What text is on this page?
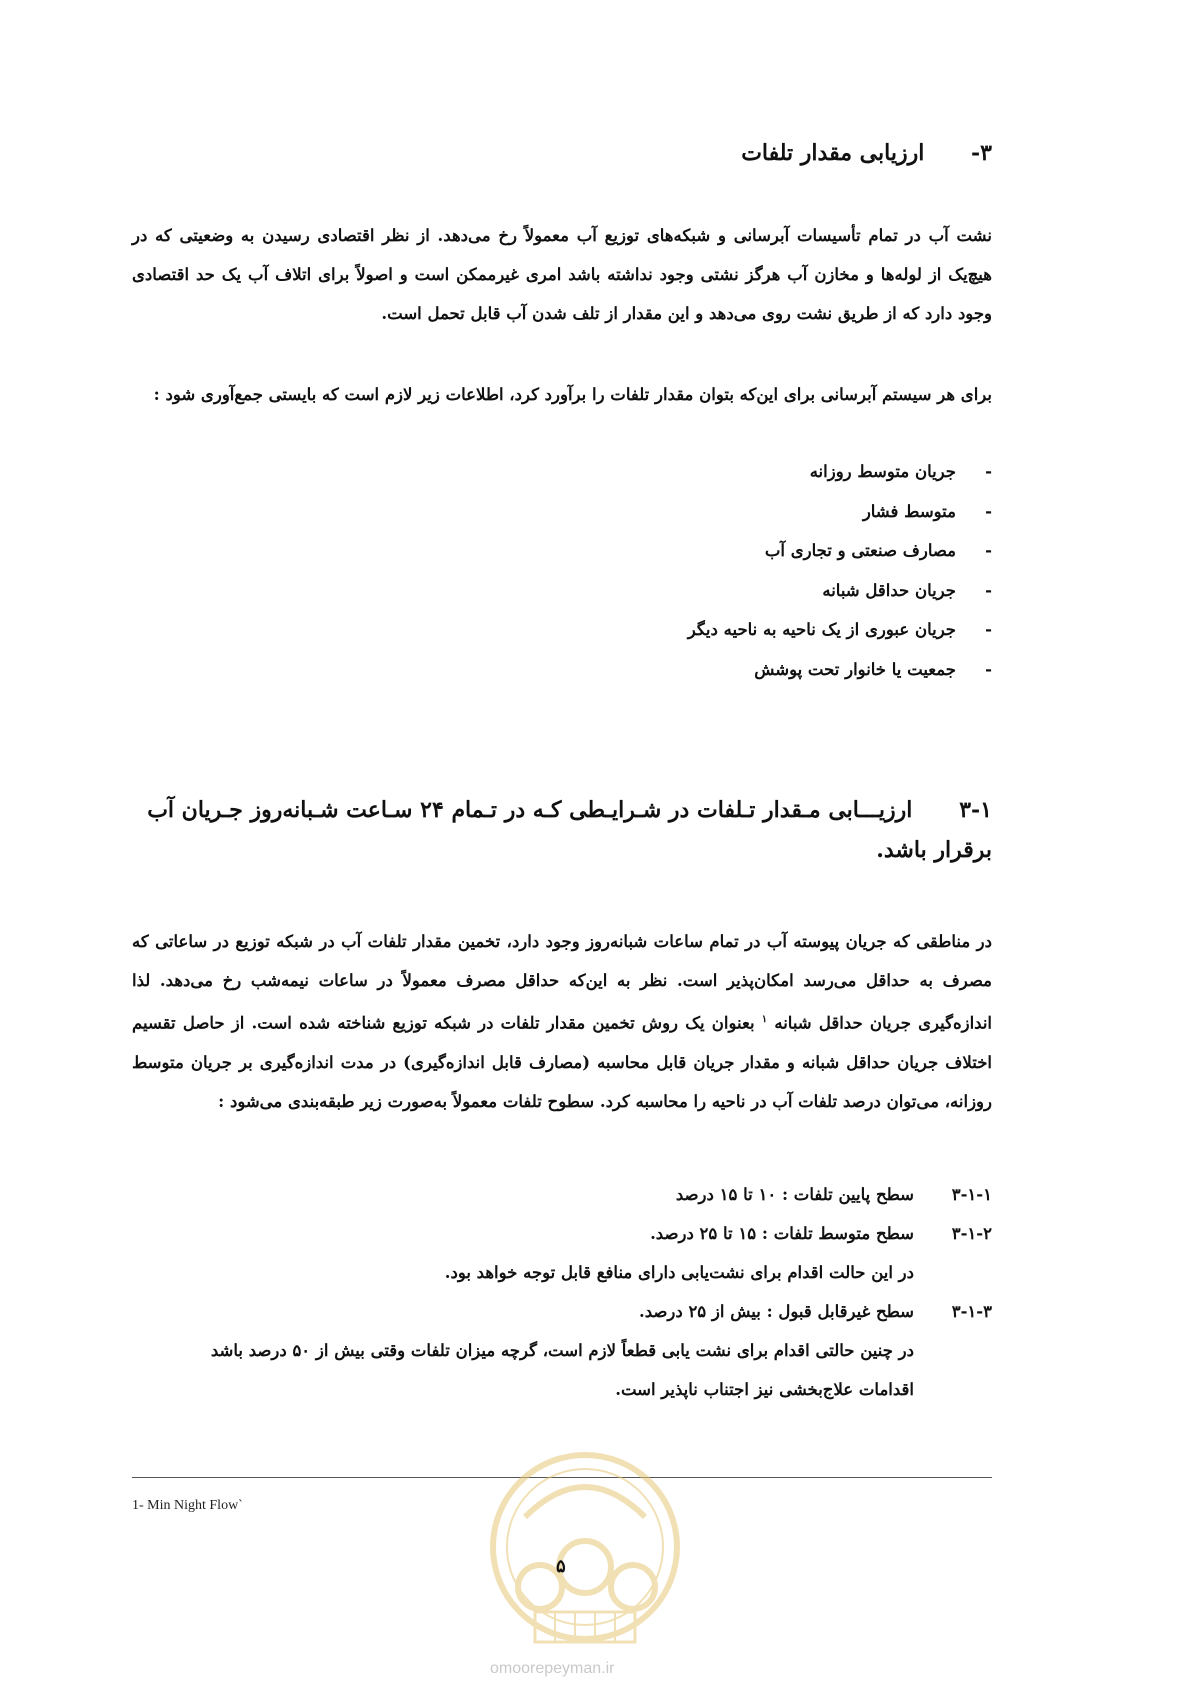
۳- ارزیابی مقدار تلفات
نشت آب در تمام تأسیسات آبرسانی و شبکه‌های توزیع آب معمولاً رخ می‌دهد. از نظر اقتصادی رسیدن به وضعیتی که در هیچ‌یک از لوله‌ها و مخازن آب هرگز نشتی وجود نداشته باشد امری غیرممکن است و اصولاً برای اتلاف آب یک حد اقتصادی وجود دارد که از طریق نشت روی می‌دهد و این مقدار از تلف شدن آب قابل تحمل است.
برای هر سیستم آبرسانی برای این‌که بتوان مقدار تلفات را برآورد کرد، اطلاعات زیر لازم است که بایستی جمع‌آوری شود :
-جریان متوسط روزانه
-متوسط فشار
-مصارف صنعتی و تجاری آب
-جریان حداقل شبانه
-جریان عبوری از یک ناحیه به ناحیه دیگر
-جمعیت یا خانوار تحت پوشش
۳-۱ ارزیـــابی مـقدار تـلفات در شـرایـطی کـه در تـمام ۲۴ سـاعت شـبانه‌روز جـریان آب
برقرار باشد.
در مناطقی که جریان پیوسته آب در تمام ساعات شبانه‌روز وجود دارد، تخمین مقدار تلفات آب در شبکه توزیع در ساعاتی که مصرف به حداقل می‌رسد امکان‌پذیر است. نظر به این‌که حداقل مصرف معمولاً در ساعات نیمه‌شب رخ می‌دهد. لذا اندازه‌گیری جریان حداقل شبانه $^۱$ بعنوان یک روش تخمین مقدار تلفات در شبکه توزیع شناخته شده است. از حاصل تقسیم اختلاف جریان حداقل شبانه و مقدار جریان قابل محاسبه (مصارف قابل اندازه‌گیری) در مدت اندازه‌گیری بر جریان متوسط روزانه، می‌توان درصد تلفات آب در ناحیه را محاسبه کرد. سطوح تلفات معمولاً به‌صورت زیر طبقه‌بندی می‌شود :
۳-۱-۱سطح پایین تلفات : ۱۰ تا ۱۵ درصد
۳-۱-۲سطح متوسط تلفات : ۱۵ تا ۲۵ درصد.
در این حالت اقدام برای نشت‌یابی دارای منافع قابل توجه خواهد بود.
۳-۱-۳سطح غیرقابل قبول : بیش از ۲۵ درصد.
در چنین حالتی اقدام برای نشت یابی قطعاً لازم است، گرچه میزان تلفات وقتی بیش از ۵۰ درصد باشد
اقدامات علاج‌بخشی نیز اجتناب ناپذیر است.
1- Min Night Flow`
۵
omoorepeyman.ir
